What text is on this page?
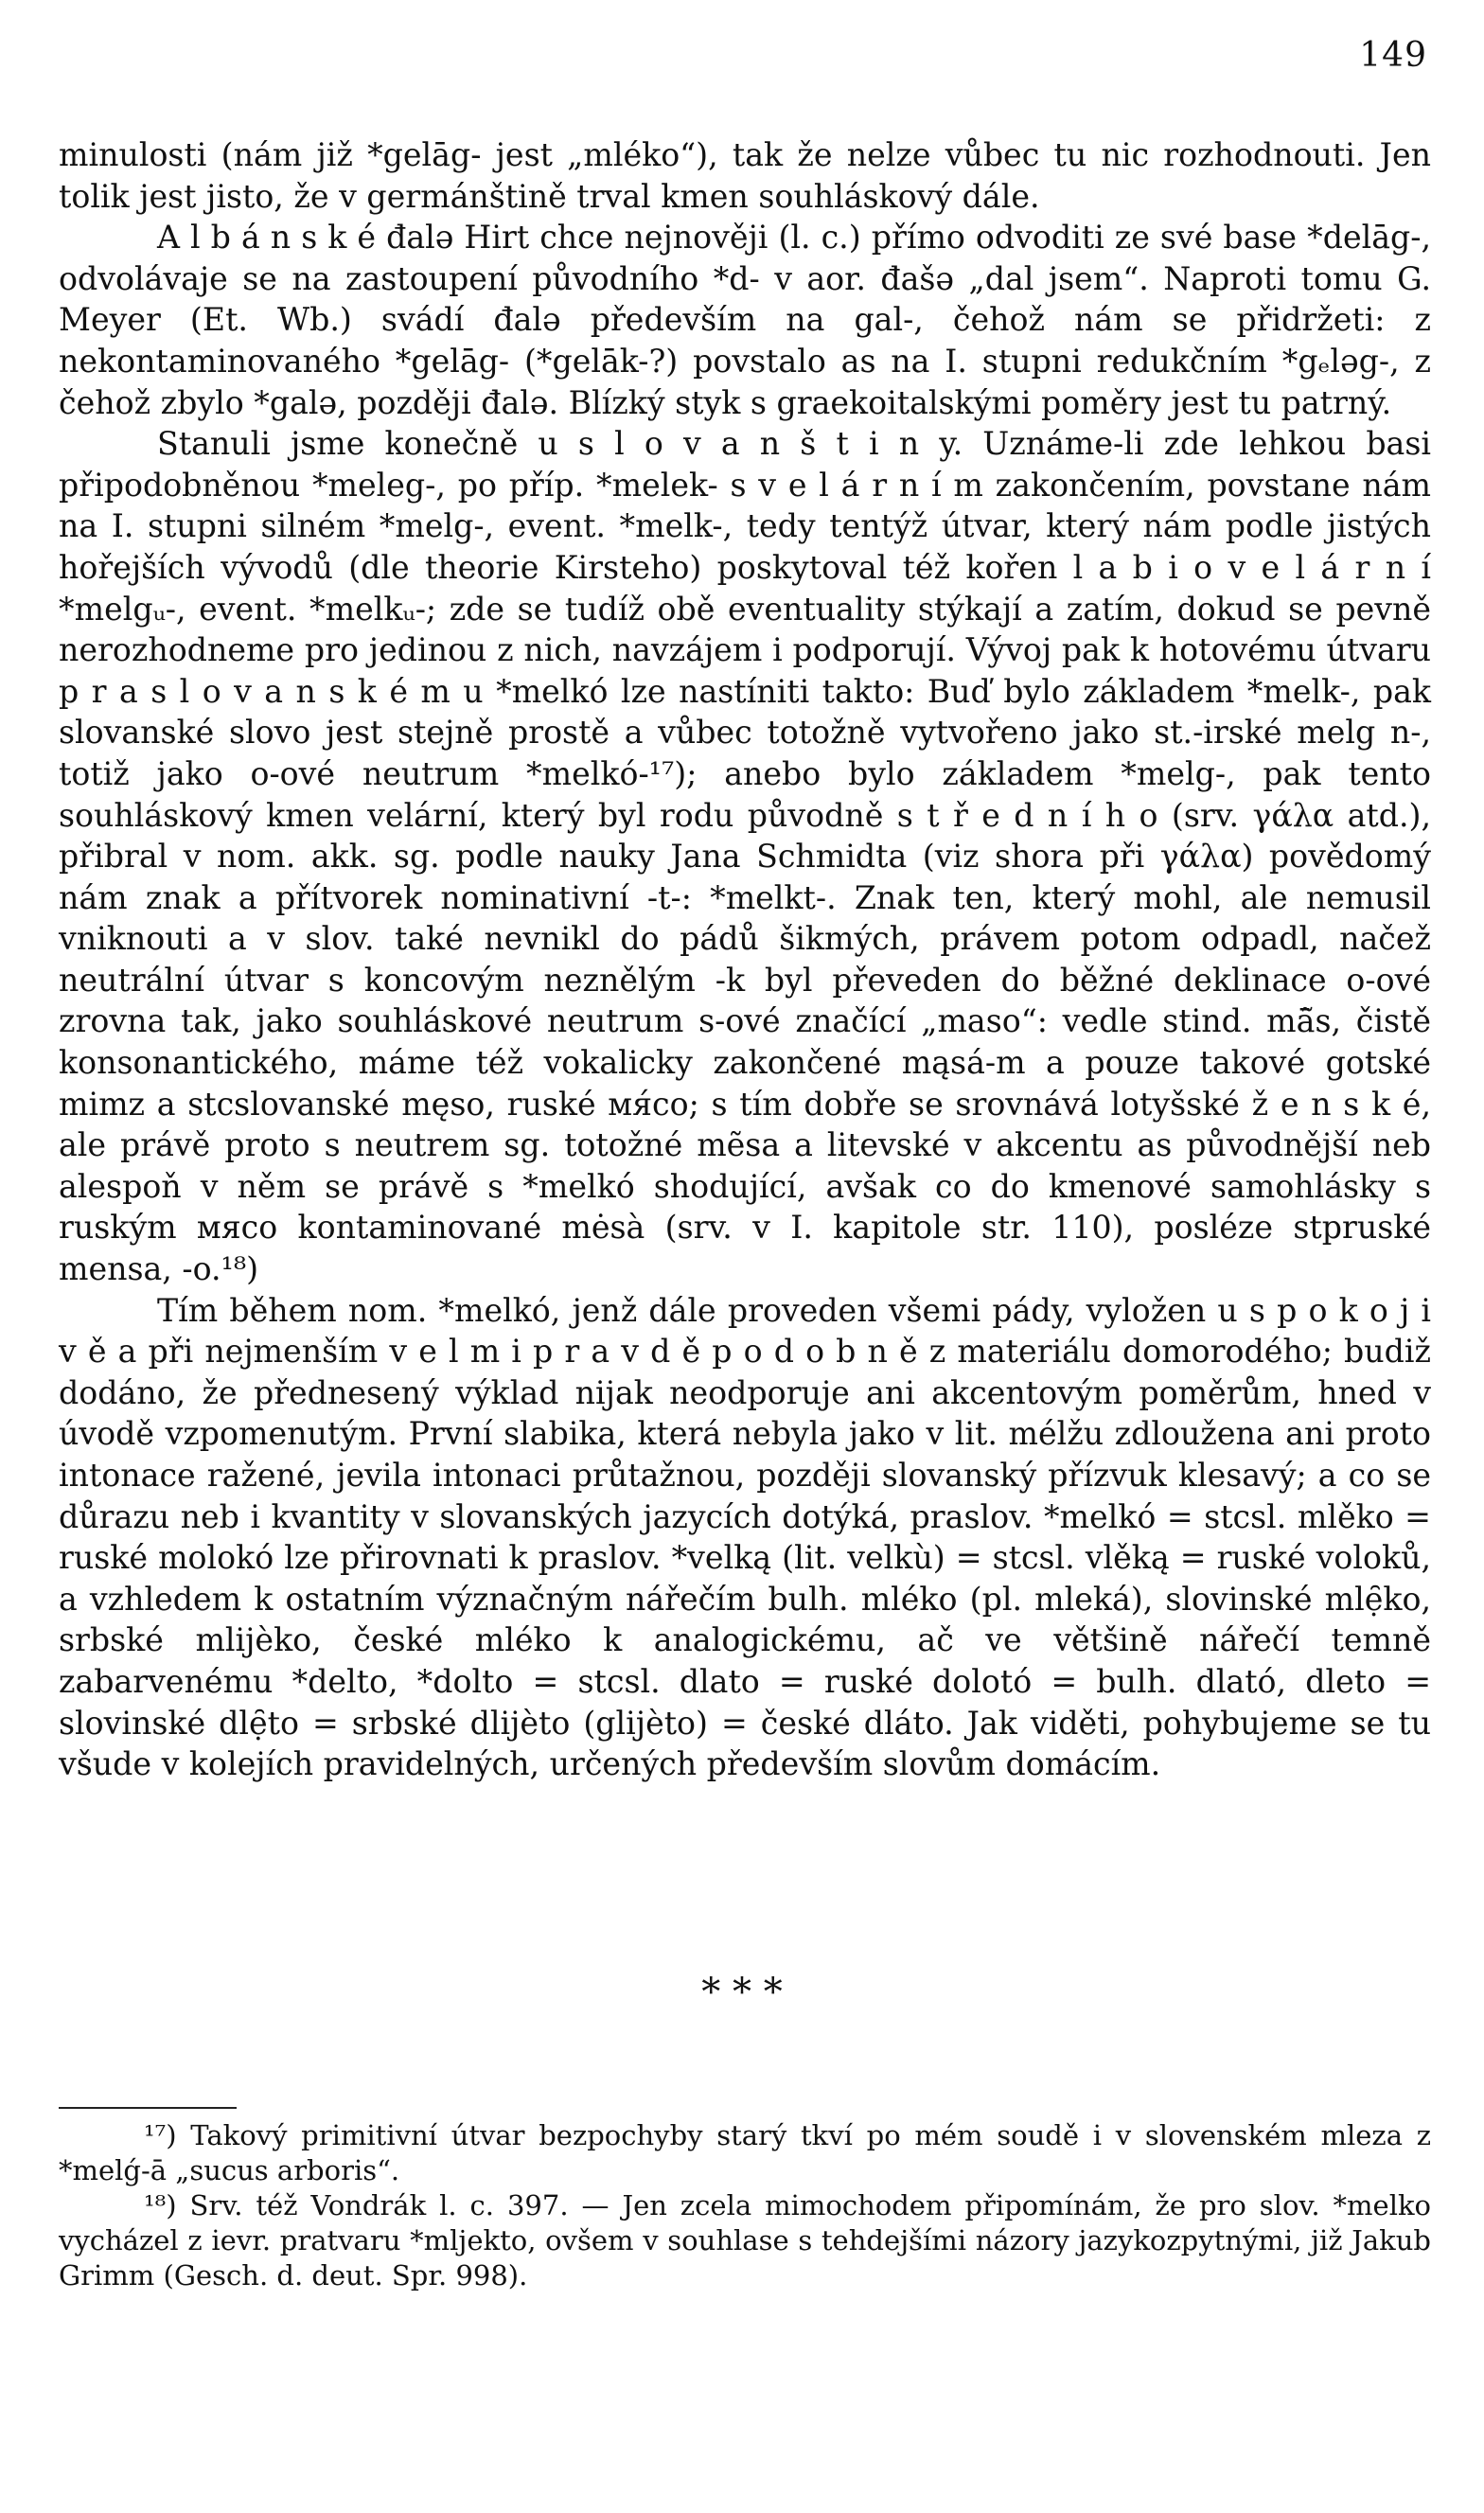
149

minulosti (nám již *gelāg- jest „mléko“), tak že nelze vůbec tu nic rozhodnouti. Jen tolik jest jisto, že v germánštině trval kmen souhláskový dále.

A l b á n s k é đalə Hirt chce nejnověji (l. c.) přímo odvoditi ze své base *delāg-, odvolávaje se na zastoupení původního *d- v aor. đašə „dal jsem“. Naproti tomu G. Meyer (Et. Wb.) svádí đalə především na gal-, čehož nám se přidržeti: z nekontaminovaného *gelāg- (*gelāk-?) povstalo as na I. stupni redukčním *gₑləg-, z čehož zbylo *galə, později đalə. Blízký styk s graekoitalskými poměry jest tu patrný.

Stanuli jsme konečně u s l o v a n š t i n y. Uznáme-li zde lehkou basi připodobněnou *meleg-, po příp. *melek- s v e l á r n í m zakončením, povstane nám na I. stupni silném *melg-, event. *melk-, tedy tentýž útvar, který nám podle jistých hořejších vývodů (dle theorie Kirsteho) poskytoval též kořen l a b i o v e l á r n í *melgᵤ-, event. *melkᵤ-; zde se tudíž obě eventuality stýkají a zatím, dokud se pevně nerozhodneme pro jedinou z nich, navzájem i podporují. Vývoj pak k hotovému útvaru p r a s l o v a n s k é m u *melkó lze nastíniti takto: Buď bylo základem *melk-, pak slovanské slovo jest stejně prostě a vůbec totožně vytvořeno jako st.-irské melg n-, totiž jako o-ové neutrum *melkó-¹⁷); anebo bylo základem *melg-, pak tento souhláskový kmen velární, který byl rodu původně s t ř e d n í h o (srv. γάλα atd.), přibral v nom. akk. sg. podle nauky Jana Schmidta (viz shora při γάλα) povědomý nám znak a přítvorek nominativní -t-: *melkt-. Znak ten, který mohl, ale nemusil vniknouti a v slov. také nevnikl do pádů šikmých, právem potom odpadl, načež neutrální útvar s koncovým neznělým -k byl převeden do běžné deklinace o-ové zrovna tak, jako souhláskové neutrum s-ové značící „maso“: vedle stind. mā̃s, čistě konsonantického, máme též vokalicky zakončené mąsá-m a pouze takové gotské mimz a stcslovanské męso, ruské мя́со; s tím dobře se srovnává lotyšské ž e n s k é, ale právě proto s neutrem sg. totožné mẽsa a litevské v akcentu as původnější neb alespoň v něm se právě s *melkó shodující, avšak co do kmenové samohlásky s ruským мясо kontaminované mėsà (srv. v I. kapitole str. 110), posléze stpruské mensa, -o.¹⁸)

Tím během nom. *melkó, jenž dále proveden všemi pády, vyložen u s p o k o j i v ě a při nejmenším v e l m i p r a v d ě p o d o b n ě z materiálu domorodého; budiž dodáno, že přednesený výklad nijak neodporuje ani akcentovým poměrům, hned v úvodě vzpomenutým. První slabika, která nebyla jako v lit. mélžu zdloužena ani proto intonace ražené, jevila intonaci průtažnou, později slovanský přízvuk klesavý; a co se důrazu neb i kvantity v slovanských jazycích dotýká, praslov. *melkó = stcsl. mlěko = ruské molokó lze přirovnati k praslov. *velką (lit. velkù) = stcsl. vlěką = ruské voloků, a vzhledem k ostatním význačným nářečím bulh. mléko (pl. mleká), slovinské mlẹ̑ko, srbské mlijèko, české mléko k analogickému, ač ve většině nářečí temně zabarvenému *delto, *dolto = stcsl. dlato = ruské dolotó = bulh. dlató, dleto = slovinské dlẹ̑to = srbské dlijèto (glijèto) = české dláto. Jak viděti, pohybujeme se tu všude v kolejích pravidelných, určených především slovům domácím.

* * *

¹⁷) Takový primitivní útvar bezpochyby starý tkví po mém soudě i v slovenském mleza z *melǵ-ā „sucus arboris“.

¹⁸) Srv. též Vondrák l. c. 397. — Jen zcela mimochodem připomínám, že pro slov. *melko vycházel z ievr. pratvaru *mljekto, ovšem v souhlase s tehdejšími názory jazykozpytnými, již Jakub Grimm (Gesch. d. deut. Spr. 998).
